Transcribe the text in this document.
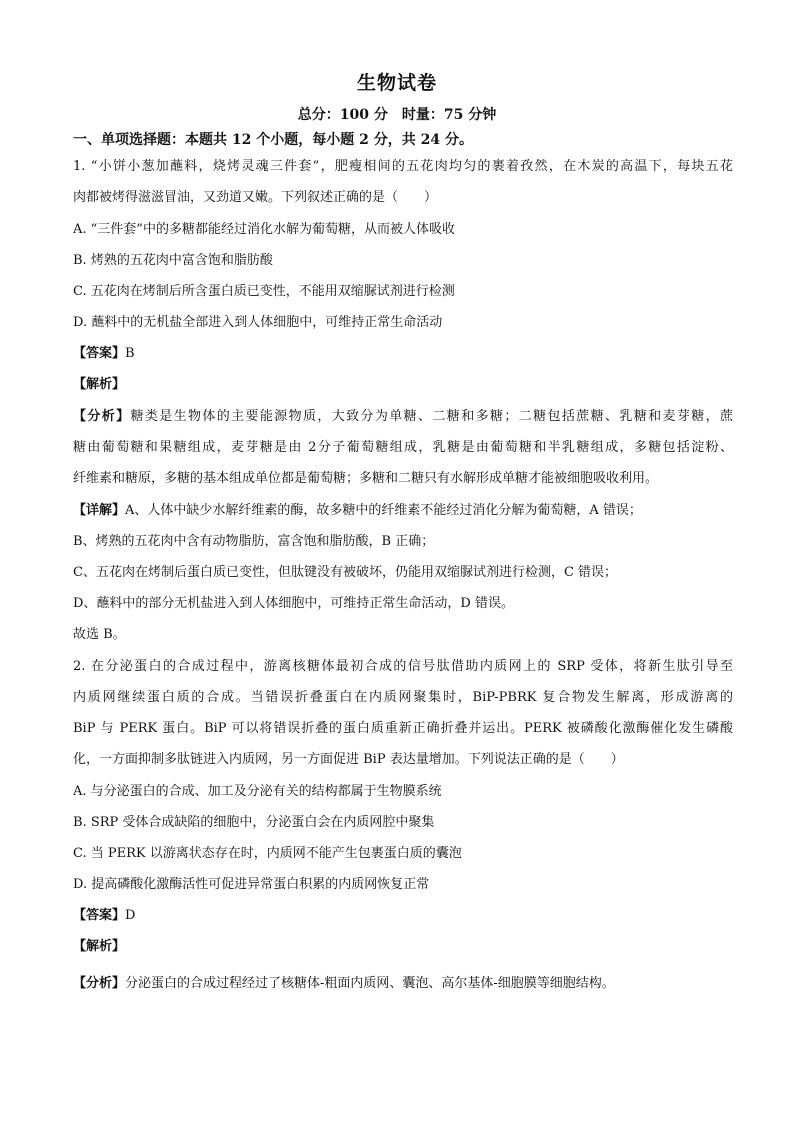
生物试卷
总分：100 分　时量：75 分钟
一、单项选择题：本题共 12 个小题，每小题 2 分，共 24 分。
1. “小饼小葱加蘸料，烧烤灵魂三件套”，肥瘦相间的五花肉均匀的裹着孜然，在木炭的高温下，每块五花
肉都被烤得滋滋冒油，又劲道又嫩。下列叙述正确的是（　　）
A. “三件套”中的多糖都能经过消化水解为葡萄糖，从而被人体吸收
B. 烤熟的五花肉中富含饱和脂肪酸
C. 五花肉在烤制后所含蛋白质已变性，不能用双缩脲试剂进行检测
D. 蘸料中的无机盐全部进入到人体细胞中，可维持正常生命活动
【答案】B
【解析】
【分析】糖类是生物体的主要能源物质，大致分为单糖、二糖和多糖；二糖包括蔗糖、乳糖和麦芽糖，蔗
糖由葡萄糖和果糖组成，麦芽糖是由 2分子葡萄糖组成，乳糖是由葡萄糖和半乳糖组成，多糖包括淀粉、
纤维素和糖原，多糖的基本组成单位都是葡萄糖；多糖和二糖只有水解形成单糖才能被细胞吸收利用。
【详解】A、人体中缺少水解纤维素的酶，故多糖中的纤维素不能经过消化分解为葡萄糖，A 错误；
B、烤熟的五花肉中含有动物脂肪，富含饱和脂肪酸，B 正确；
C、五花肉在烤制后蛋白质已变性，但肽键没有被破坏，仍能用双缩脲试剂进行检测，C 错误；
D、蘸料中的部分无机盐进入到人体细胞中，可维持正常生命活动，D 错误。
故选 B。
2. 在分泌蛋白的合成过程中，游离核糖体最初合成的信号肽借助内质网上的 SRP 受体，将新生肽引导至
内质网继续蛋白质的合成。当错误折叠蛋白在内质网聚集时，BiP-PBRK 复合物发生解离，形成游离的
BiP 与 PERK 蛋白。BiP 可以将错误折叠的蛋白质重新正确折叠并运出。PERK 被磷酸化激酶催化发生磷酸
化，一方面抑制多肽链进入内质网，另一方面促进 BiP 表达量增加。下列说法正确的是（　　）
A. 与分泌蛋白的合成、加工及分泌有关的结构都属于生物膜系统
B. SRP 受体合成缺陷的细胞中，分泌蛋白会在内质网腔中聚集
C. 当 PERK 以游离状态存在时，内质网不能产生包裹蛋白质的囊泡
D. 提高磷酸化激酶活性可促进异常蛋白积累的内质网恢复正常
【答案】D
【解析】
【分析】分泌蛋白的合成过程经过了核糖体-粗面内质网、囊泡、高尔基体-细胞膜等细胞结构。
